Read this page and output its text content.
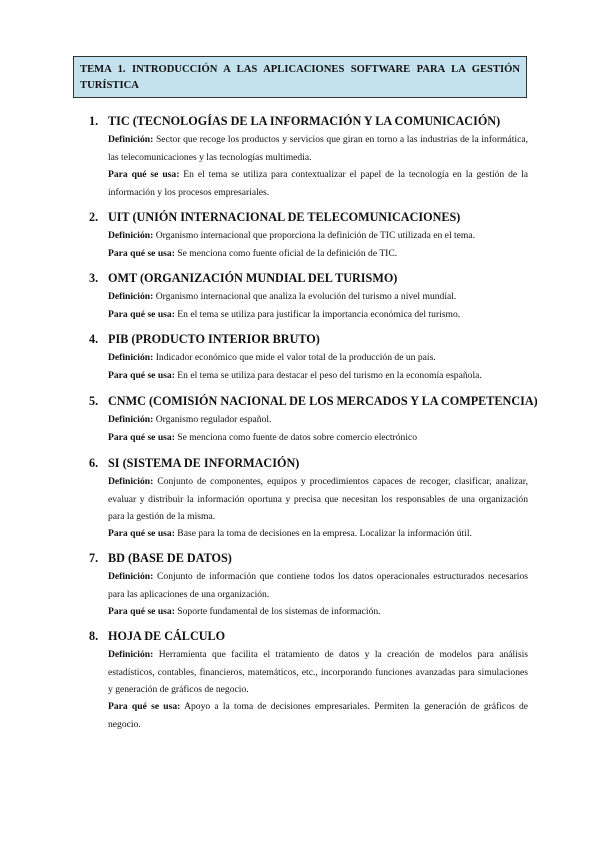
TEMA 1. INTRODUCCIÓN A LAS APLICACIONES SOFTWARE PARA LA GESTIÓN TURÍSTICA
1. TIC (TECNOLOGÍAS DE LA INFORMACIÓN Y LA COMUNICACIÓN)
Definición: Sector que recoge los productos y servicios que giran en torno a las industrias de la informática, las telecomunicaciones y las tecnologías multimedia.
Para qué se usa: En el tema se utiliza para contextualizar el papel de la tecnología en la gestión de la información y los procesos empresariales.
2. UIT (UNIÓN INTERNACIONAL DE TELECOMUNICACIONES)
Definición: Organismo internacional que proporciona la definición de TIC utilizada en el tema.
Para qué se usa: Se menciona como fuente oficial de la definición de TIC.
3. OMT (ORGANIZACIÓN MUNDIAL DEL TURISMO)
Definición: Organismo internacional que analiza la evolución del turismo a nivel mundial.
Para qué se usa: En el tema se utiliza para justificar la importancia económica del turismo.
4. PIB (PRODUCTO INTERIOR BRUTO)
Definición: Indicador económico que mide el valor total de la producción de un país.
Para qué se usa: En el tema se utiliza para destacar el peso del turismo en la economía española.
5. CNMC (COMISIÓN NACIONAL DE LOS MERCADOS Y LA COMPETENCIA)
Definición: Organismo regulador español.
Para qué se usa: Se menciona como fuente de datos sobre comercio electrónico
6. SI (SISTEMA DE INFORMACIÓN)
Definición: Conjunto de componentes, equipos y procedimientos capaces de recoger, clasificar, analizar, evaluar y distribuir la información oportuna y precisa que necesitan los responsables de una organización para la gestión de la misma.
Para qué se usa: Base para la toma de decisiones en la empresa. Localizar la información útil.
7. BD (BASE DE DATOS)
Definición: Conjunto de información que contiene todos los datos operacionales estructurados necesarios para las aplicaciones de una organización.
Para qué se usa: Soporte fundamental de los sistemas de información.
8. HOJA DE CÁLCULO
Definición: Herramienta que facilita el tratamiento de datos y la creación de modelos para análisis estadísticos, contables, financieros, matemáticos, etc., incorporando funciones avanzadas para simulaciones y generación de gráficos de negocio.
Para qué se usa: Apoyo a la toma de decisiones empresariales. Permiten la generación de gráficos de negocio.
